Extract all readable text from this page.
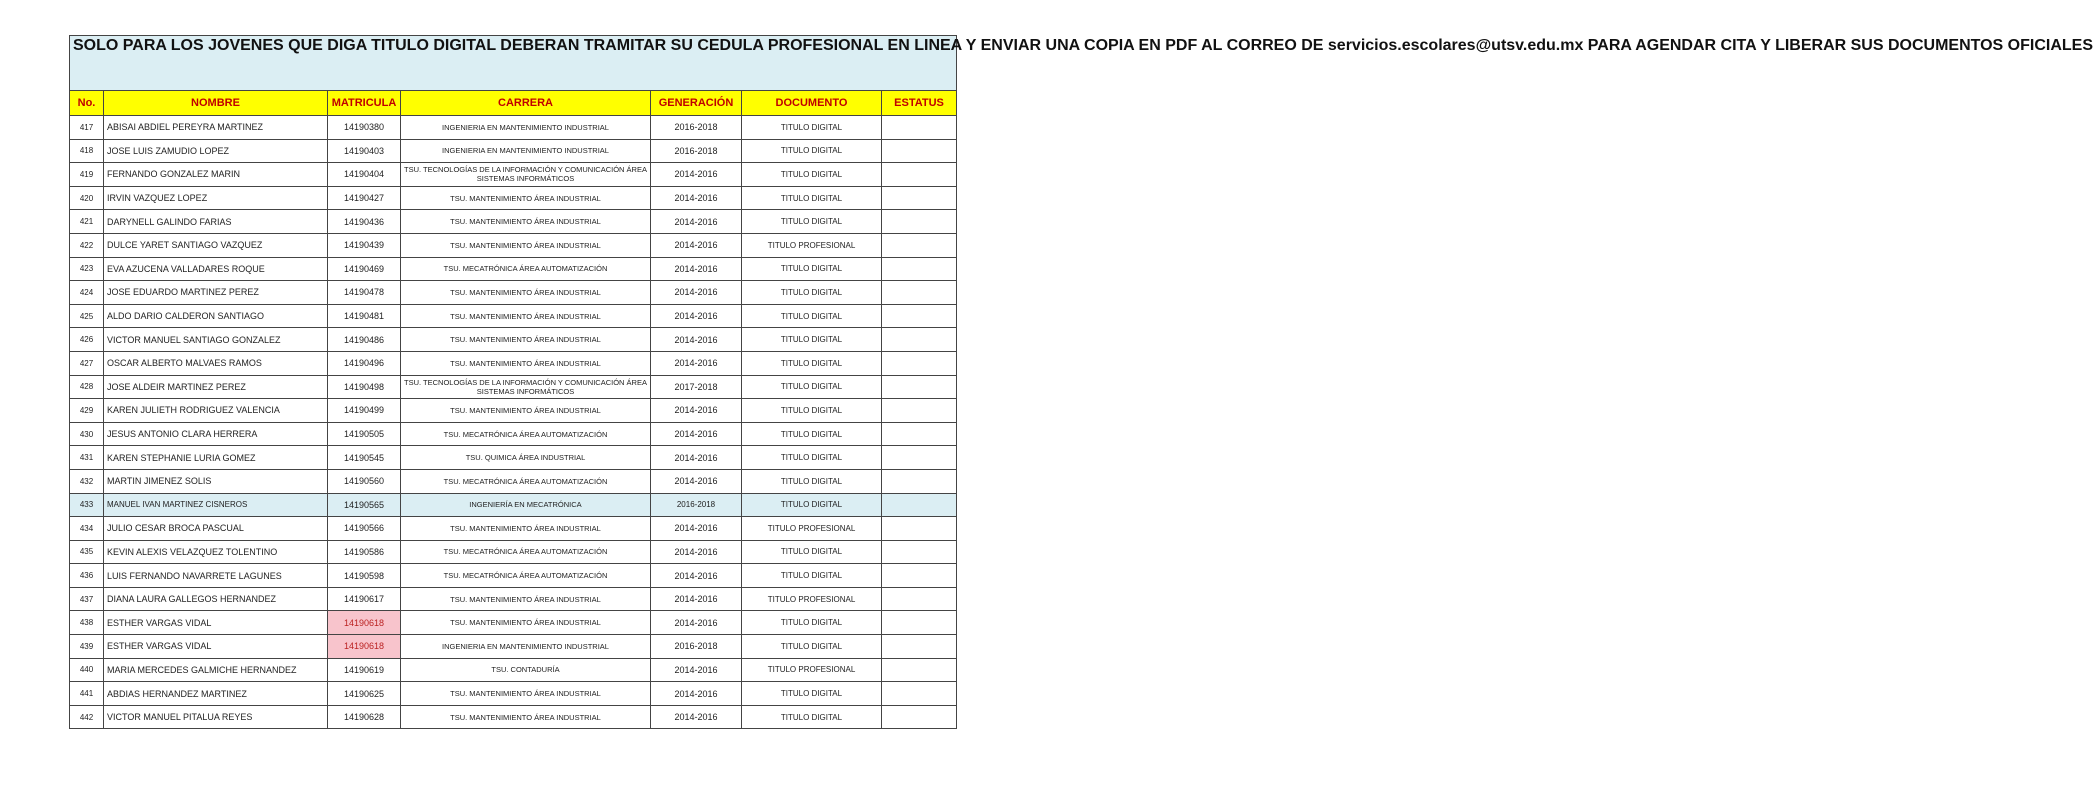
SOLO PARA LOS JOVENES QUE DIGA TITULO DIGITAL DEBERAN TRAMITAR SU CEDULA PROFESIONAL EN LINEA Y ENVIAR UNA COPIA EN PDF AL CORREO DE servicios.escolares@utsv.edu.mx PARA AGENDAR CITA Y LIBERAR SUS DOCUMENTOS OFICIALES						

No.	NOMBRE	MATRICULA	CARRERA	GENERACIÓN	DOCUMENTO	ESTATUS
417	ABISAI ABDIEL PEREYRA MARTINEZ	14190380	INGENIERIA EN MANTENIMIENTO INDUSTRIAL	2016-2018	TITULO DIGITAL	
418	JOSE LUIS ZAMUDIO LOPEZ	14190403	INGENIERIA EN MANTENIMIENTO INDUSTRIAL	2016-2018	TITULO DIGITAL	
419	FERNANDO GONZALEZ MARIN	14190404	TSU. TECNOLOGÍAS DE LA INFORMACIÓN Y COMUNICACIÓN ÁREA SISTEMAS INFORMÁTICOS	2014-2016	TITULO DIGITAL	
420	IRVIN VAZQUEZ LOPEZ	14190427	TSU. MANTENIMIENTO ÁREA INDUSTRIAL	2014-2016	TITULO DIGITAL	
421	DARYNELL GALINDO FARIAS	14190436	TSU. MANTENIMIENTO ÁREA INDUSTRIAL	2014-2016	TITULO DIGITAL	
422	DULCE YARET SANTIAGO VAZQUEZ	14190439	TSU. MANTENIMIENTO ÁREA INDUSTRIAL	2014-2016	TITULO PROFESIONAL	
423	EVA AZUCENA VALLADARES ROQUE	14190469	TSU. MECATRÓNICA ÁREA AUTOMATIZACIÓN	2014-2016	TITULO DIGITAL	
424	JOSE EDUARDO MARTINEZ PEREZ	14190478	TSU. MANTENIMIENTO ÁREA INDUSTRIAL	2014-2016	TITULO DIGITAL	
425	ALDO DARIO CALDERON SANTIAGO	14190481	TSU. MANTENIMIENTO ÁREA INDUSTRIAL	2014-2016	TITULO DIGITAL	
426	VICTOR MANUEL SANTIAGO GONZALEZ	14190486	TSU. MANTENIMIENTO ÁREA INDUSTRIAL	2014-2016	TITULO DIGITAL	
427	OSCAR ALBERTO MALVAES RAMOS	14190496	TSU. MANTENIMIENTO ÁREA INDUSTRIAL	2014-2016	TITULO DIGITAL	
428	JOSE ALDEIR MARTINEZ PEREZ	14190498	TSU. TECNOLOGÍAS DE LA INFORMACIÓN Y COMUNICACIÓN ÁREA SISTEMAS INFORMÁTICOS	2017-2018	TITULO DIGITAL	
429	KAREN JULIETH RODRIGUEZ VALENCIA	14190499	TSU. MANTENIMIENTO ÁREA INDUSTRIAL	2014-2016	TITULO DIGITAL	
430	JESUS ANTONIO CLARA HERRERA	14190505	TSU. MECATRÓNICA ÁREA AUTOMATIZACIÓN	2014-2016	TITULO DIGITAL	
431	KAREN STEPHANIE LURIA GOMEZ	14190545	TSU. QUIMICA ÁREA INDUSTRIAL	2014-2016	TITULO DIGITAL	
432	MARTIN JIMENEZ SOLIS	14190560	TSU. MECATRÓNICA ÁREA AUTOMATIZACIÓN	2014-2016	TITULO DIGITAL	
433	MANUEL IVAN MARTINEZ CISNEROS	14190565	INGENIERÍA EN MECATRÓNICA	2016-2018	TITULO DIGITAL	
434	JULIO CESAR BROCA PASCUAL	14190566	TSU. MANTENIMIENTO ÁREA INDUSTRIAL	2014-2016	TITULO PROFESIONAL	
435	KEVIN ALEXIS VELAZQUEZ TOLENTINO	14190586	TSU. MECATRÓNICA ÁREA AUTOMATIZACIÓN	2014-2016	TITULO DIGITAL	
436	LUIS FERNANDO NAVARRETE LAGUNES	14190598	TSU. MECATRÓNICA ÁREA AUTOMATIZACIÓN	2014-2016	TITULO DIGITAL	
437	DIANA LAURA GALLEGOS HERNANDEZ	14190617	TSU. MANTENIMIENTO ÁREA INDUSTRIAL	2014-2016	TITULO PROFESIONAL	
438	ESTHER VARGAS VIDAL	14190618	TSU. MANTENIMIENTO ÁREA INDUSTRIAL	2014-2016	TITULO DIGITAL	
439	ESTHER VARGAS VIDAL	14190618	INGENIERIA EN MANTENIMIENTO INDUSTRIAL	2016-2018	TITULO DIGITAL	
440	MARIA MERCEDES GALMICHE HERNANDEZ	14190619	TSU. CONTADURÍA	2014-2016	TITULO PROFESIONAL	
441	ABDIAS HERNANDEZ MARTINEZ	14190625	TSU. MANTENIMIENTO ÁREA INDUSTRIAL	2014-2016	TITULO DIGITAL	
442	VICTOR MANUEL PITALUA REYES	14190628	TSU. MANTENIMIENTO ÁREA INDUSTRIAL	2014-2016	TITULO DIGITAL	
